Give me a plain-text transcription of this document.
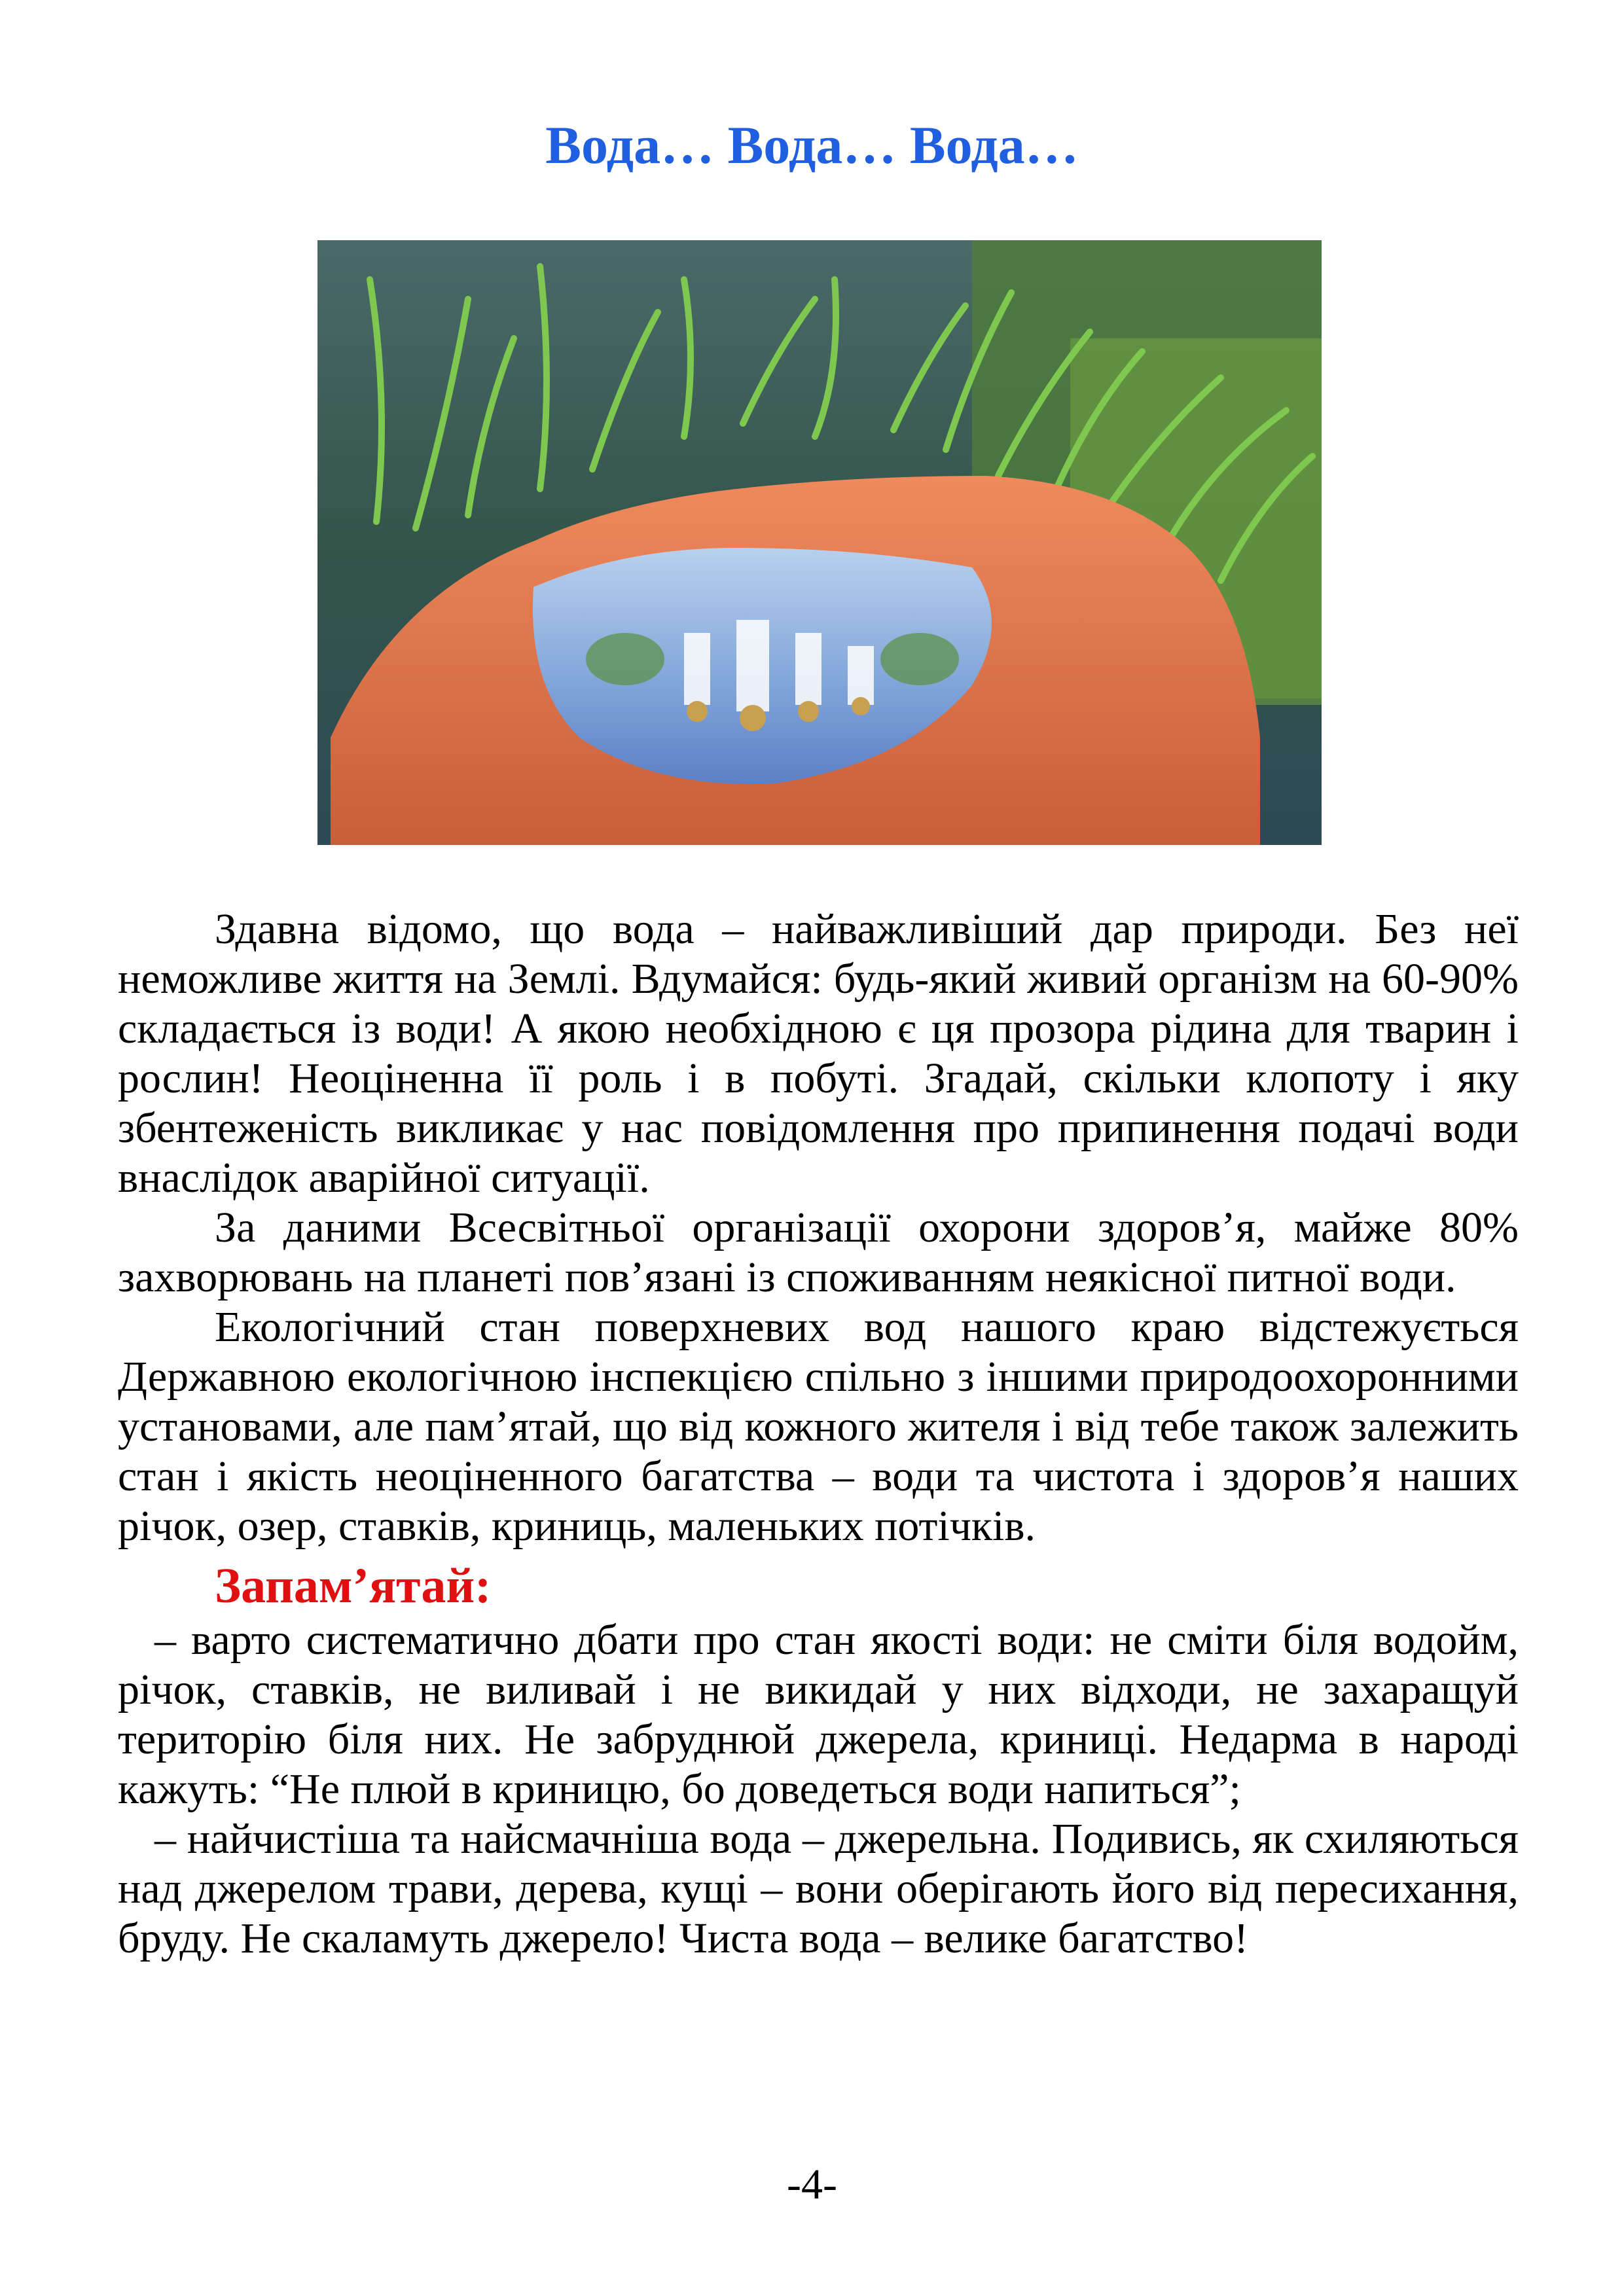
Вода… Вода… Вода…

Здавна відомо, що вода – найважливіший дар природи. Без неї неможливе життя на Землі. Вдумайся: будь-який живий організм на 60-90% складається із води! А якою необхідною є ця прозора рідина для тварин і рослин! Неоціненна її роль і в побуті. Згадай, скільки клопоту і яку збентеженість викликає у нас повідомлення про припинення подачі води внаслідок аварійної ситуації.

За даними Всесвітньої організації охорони здоров’я, майже 80% захворювань на планеті пов’язані із споживанням неякісної питної води.

Екологічний стан поверхневих вод нашого краю відстежується Державною екологічною інспекцією спільно з іншими природоохоронними установами, але пам’ятай, що від кожного жителя і від тебе також залежить стан і якість неоціненного багатства – води та чистота і здоров’я наших річок, озер, ставків, криниць, маленьких потічків.

Запам’ятай:

– варто систематично дбати про стан якості води: не сміти біля водойм, річок, ставків, не виливай і не викидай у них відходи, не захаращуй територію біля них. Не забруднюй джерела, криниці. Недарма в народі кажуть: “Не плюй в криницю, бо доведеться води напиться”;

– найчистіша та найсмачніша вода – джерельна. Подивись, як схиляються над джерелом трави, дерева, кущі – вони оберігають його від пересихання, бруду. Не скаламуть джерело! Чиста вода – велике багатство!

-4-
